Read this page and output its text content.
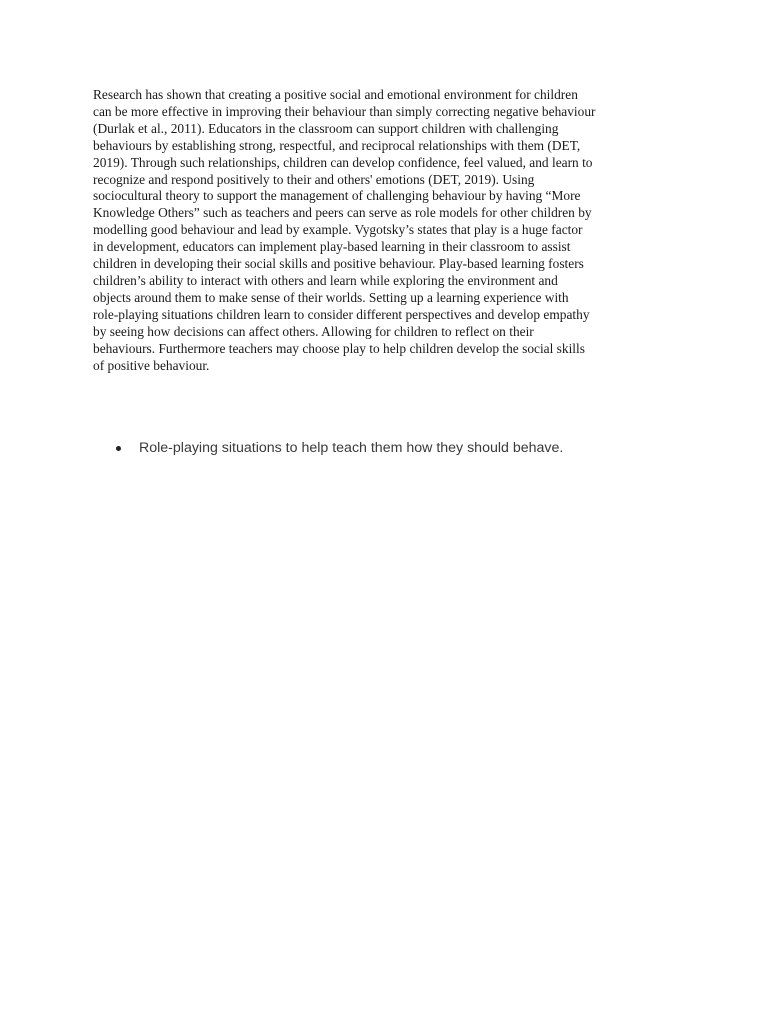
Research has shown that creating a positive social and emotional environment for children
can be more effective in improving their behaviour than simply correcting negative behaviour
(Durlak et al., 2011). Educators in the classroom can support children with challenging
behaviours by establishing strong, respectful, and reciprocal relationships with them (DET,
2019). Through such relationships, children can develop confidence, feel valued, and learn to
recognize and respond positively to their and others' emotions (DET, 2019). Using
sociocultural theory to support the management of challenging behaviour by having “More
Knowledge Others” such as teachers and peers can serve as role models for other children by
modelling good behaviour and lead by example. Vygotsky’s states that play is a huge factor
in development, educators can implement play-based learning in their classroom to assist
children in developing their social skills and positive behaviour. Play-based learning fosters
children’s ability to interact with others and learn while exploring the environment and
objects around them to make sense of their worlds. Setting up a learning experience with
role-playing situations children learn to consider different perspectives and develop empathy
by seeing how decisions can affect others. Allowing for children to reflect on their
behaviours. Furthermore teachers may choose play to help children develop the social skills
of positive behaviour.

Role-playing situations to help teach them how they should behave.
